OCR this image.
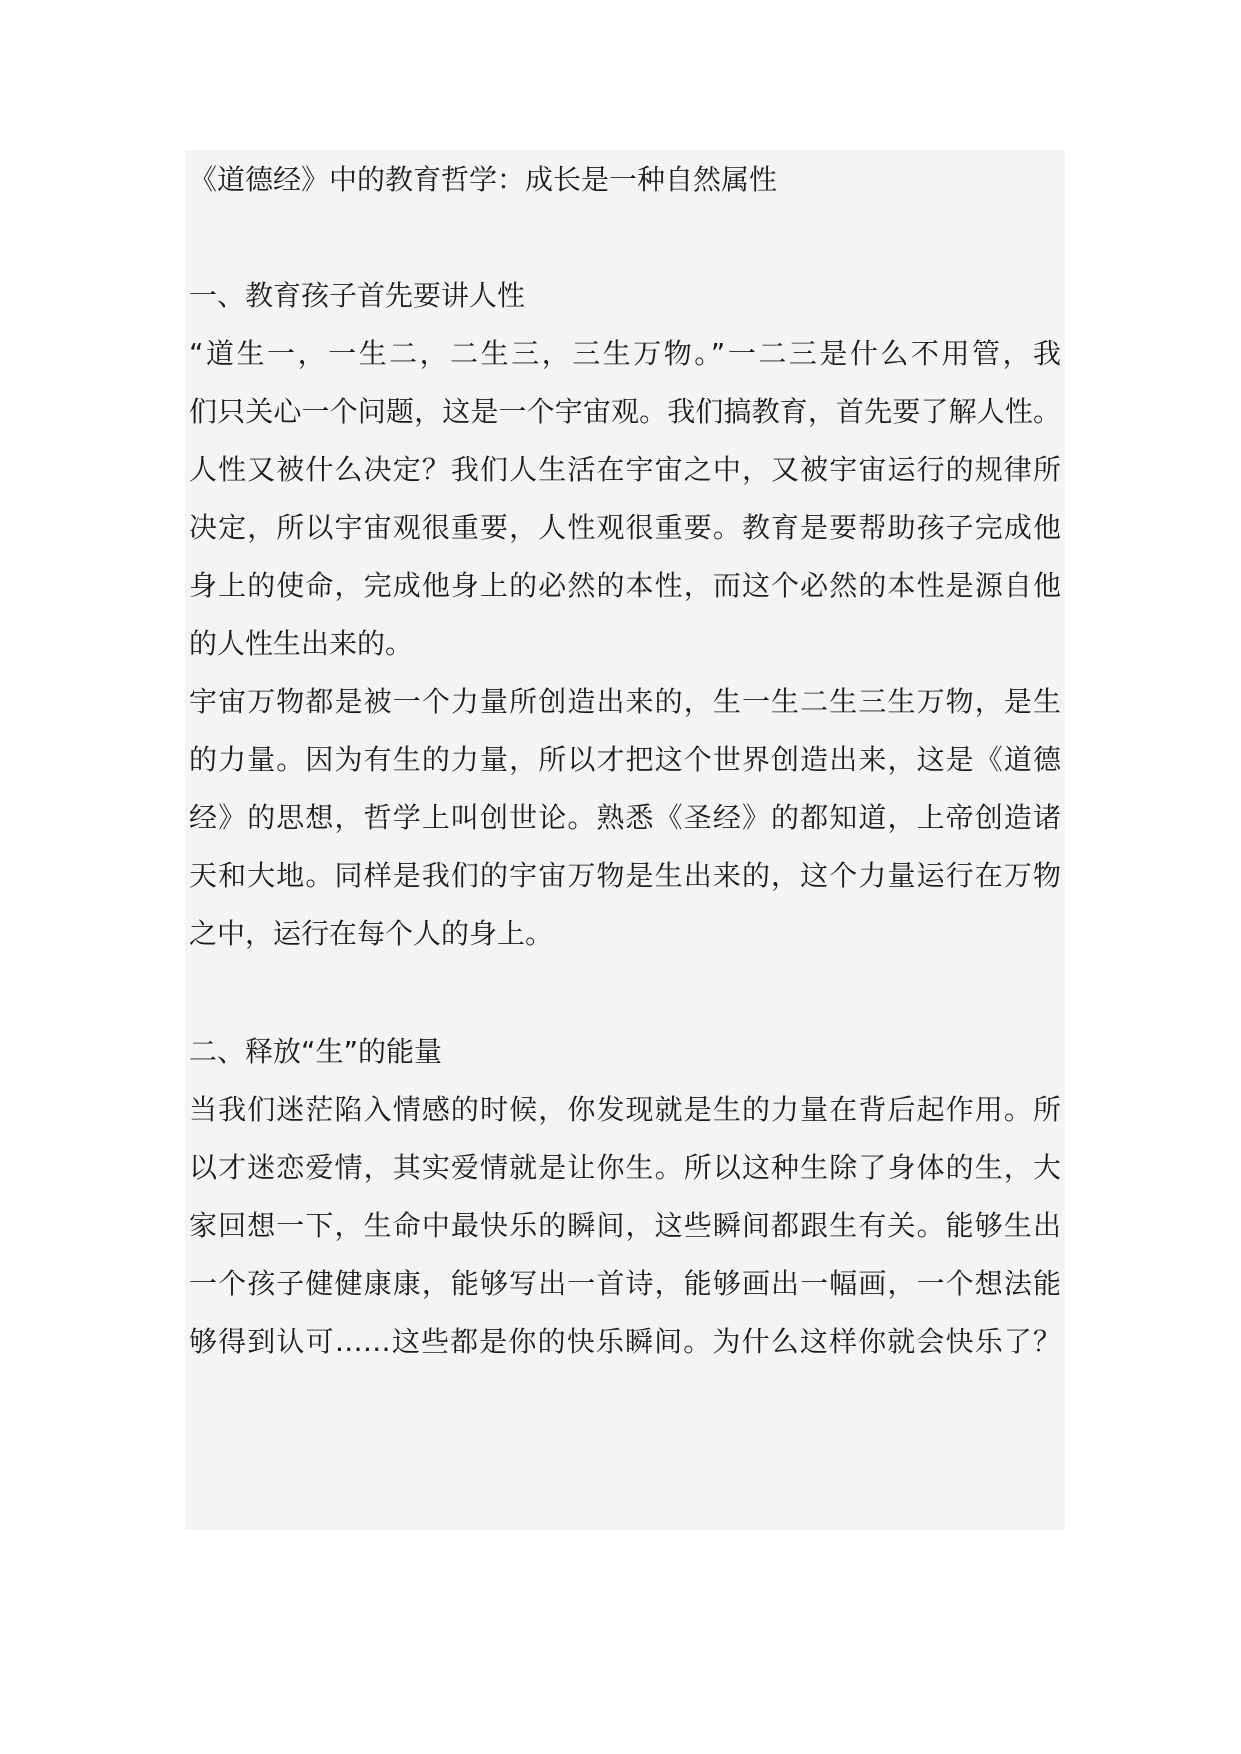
《道德经》中的教育哲学：成长是一种自然属性
一、教育孩子首先要讲人性
“道生一，一生二，二生三，三生万物。”一二三是什么不用管，我
们只关心一个问题，这是一个宇宙观。我们搞教育，首先要了解人性。
人性又被什么决定？我们人生活在宇宙之中，又被宇宙运行的规律所
决定，所以宇宙观很重要，人性观很重要。教育是要帮助孩子完成他
身上的使命，完成他身上的必然的本性，而这个必然的本性是源自他
的人性生出来的。
宇宙万物都是被一个力量所创造出来的，生一生二生三生万物，是生
的力量。因为有生的力量，所以才把这个世界创造出来，这是《道德
经》的思想，哲学上叫创世论。熟悉《圣经》的都知道，上帝创造诸
天和大地。同样是我们的宇宙万物是生出来的，这个力量运行在万物
之中，运行在每个人的身上。
二、释放“生”的能量
当我们迷茫陷入情感的时候，你发现就是生的力量在背后起作用。所
以才迷恋爱情，其实爱情就是让你生。所以这种生除了身体的生，大
家回想一下，生命中最快乐的瞬间，这些瞬间都跟生有关。能够生出
一个孩子健健康康，能够写出一首诗，能够画出一幅画，一个想法能
够得到认可……这些都是你的快乐瞬间。为什么这样你就会快乐了？
